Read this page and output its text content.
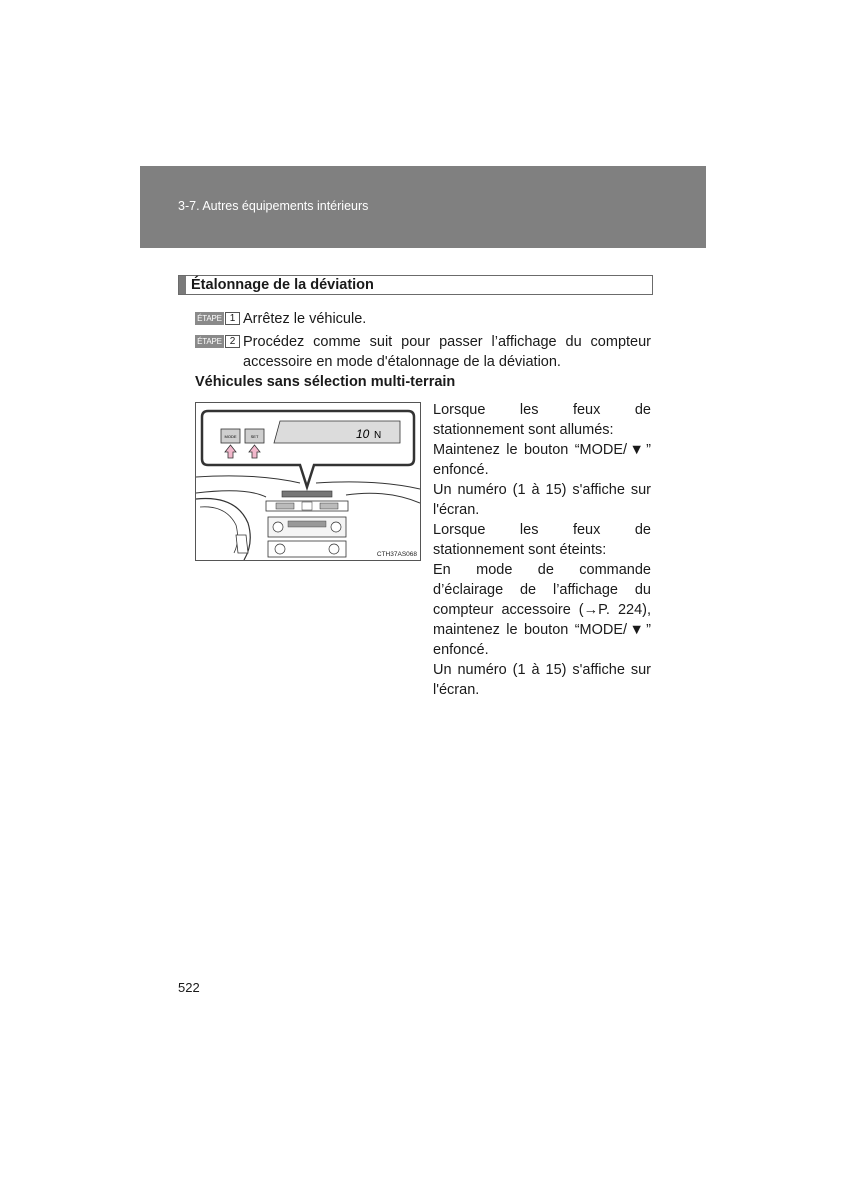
3-7. Autres équipements intérieurs
Étalonnage de la déviation
ÉTAPE 1 Arrêtez le véhicule.
ÉTAPE 2 Procédez comme suit pour passer l’affichage du compteur accessoire en mode d'étalonnage de la déviation.
Véhicules sans sélection multi-terrain
MODE	SET	10 N
CTH37AS068

Lorsque les feux de

stationnement sont allumés:

Maintenez le bouton “MODE/▼” enfoncé.

Un numéro (1 à 15) s'affiche sur l'écran.

Lorsque les feux de

stationnement sont éteints:

En mode de commande d’éclairage de l’affichage du compteur accessoire (→P. 224), maintenez le bouton “MODE/▼” enfoncé.

Un numéro (1 à 15) s'affiche sur l'écran.

522
